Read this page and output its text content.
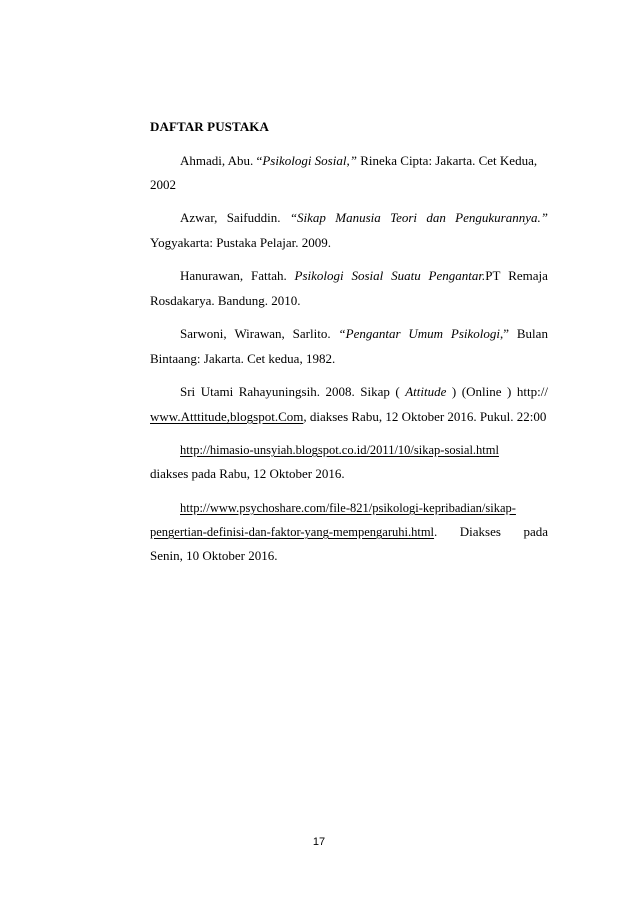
DAFTAR PUSTAKA
Ahmadi, Abu. “Psikologi Sosial,” Rineka Cipta: Jakarta. Cet Kedua,
2002
Azwar, Saifuddin. “Sikap Manusia Teori dan Pengukurannya.”
Yogyakarta: Pustaka Pelajar. 2009.
Hanurawan, Fattah. Psikologi Sosial Suatu Pengantar.PT Remaja
Rosdakarya. Bandung. 2010.
Sarwoni, Wirawan, Sarlito. “Pengantar Umum Psikologi,” Bulan
Bintaang: Jakarta. Cet kedua, 1982.
Sri Utami Rahayuningsih. 2008. Sikap ( Attitude ) (Online ) http://
www.Atttitude,blogspot.Com, diakses Rabu, 12 Oktober 2016. Pukul. 22:00
http://himasio-unsyiah.blogspot.co.id/2011/10/sikap-sosial.html
diakses pada Rabu, 12 Oktober 2016.
http://www.psychoshare.com/file-821/psikologi-kepribadian/sikap-
pengertian-definisi-dan-faktor-yang-mempengaruhi.html. Diakses pada
Senin, 10 Oktober 2016.
17
